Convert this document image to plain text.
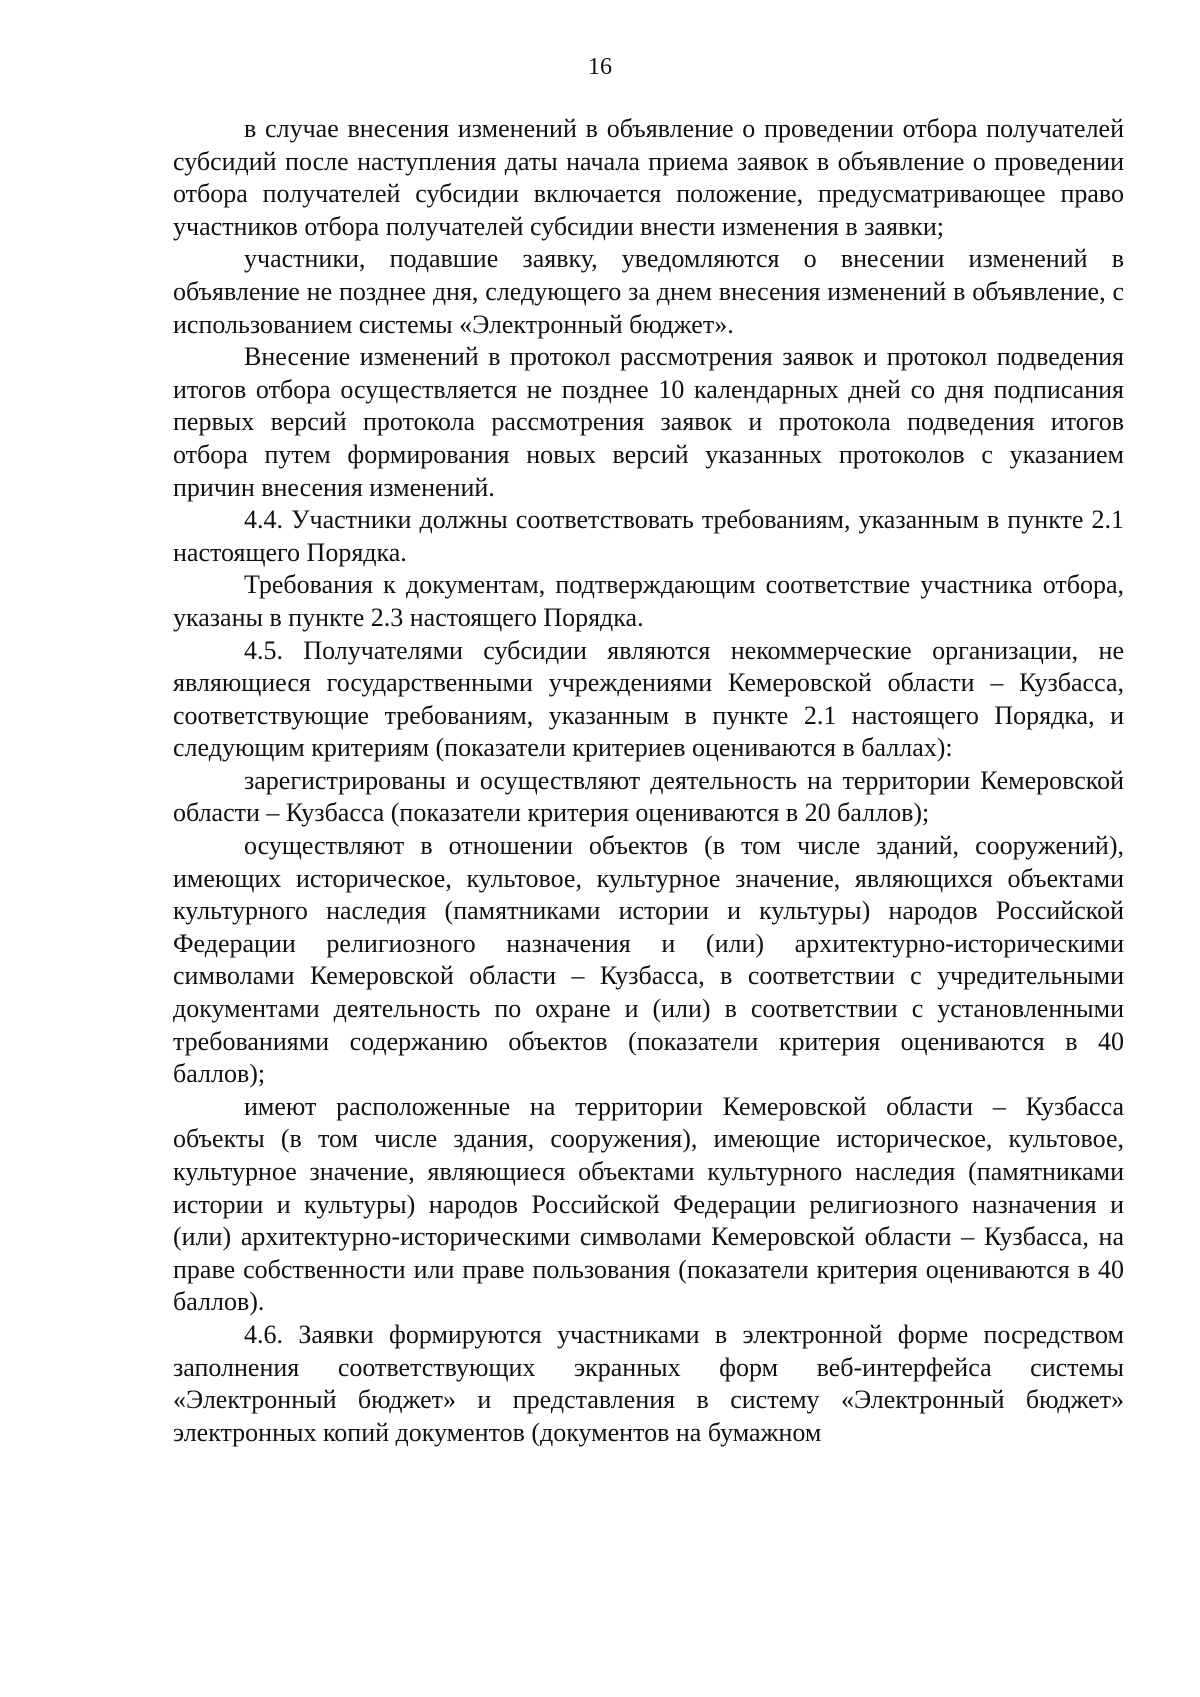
16

в случае внесения изменений в объявление о проведении отбора получателей субсидий после наступления даты начала приема заявок в объявление о проведении отбора получателей субсидии включается положение, предусматривающее право участников отбора получателей субсидии внести изменения в заявки;

участники, подавшие заявку, уведомляются о внесении изменений в объявление не позднее дня, следующего за днем внесения изменений в объявление, с использованием системы «Электронный бюджет».

Внесение изменений в протокол рассмотрения заявок и протокол подведения итогов отбора осуществляется не позднее 10 календарных дней со дня подписания первых версий протокола рассмотрения заявок и протокола подведения итогов отбора путем формирования новых версий указанных протоколов с указанием причин внесения изменений.

4.4. Участники должны соответствовать требованиям, указанным в пункте 2.1 настоящего Порядка.

Требования к документам, подтверждающим соответствие участника отбора, указаны в пункте 2.3 настоящего Порядка.

4.5. Получателями субсидии являются некоммерческие организации, не являющиеся государственными учреждениями Кемеровской области – Кузбасса, соответствующие требованиям, указанным в пункте 2.1 настоящего Порядка, и следующим критериям (показатели критериев оцениваются в баллах):

зарегистрированы и осуществляют деятельность на территории Кемеровской области – Кузбасса (показатели критерия оцениваются в 20 баллов);

осуществляют в отношении объектов (в том числе зданий, сооружений), имеющих историческое, культовое, культурное значение, являющихся объектами культурного наследия (памятниками истории и культуры) народов Российской Федерации религиозного назначения и (или) архитектурно-историческими символами Кемеровской области – Кузбасса, в соответствии с учредительными документами деятельность по охране и (или) в соответствии с установленными требованиями содержанию объектов (показатели критерия оцениваются в 40 баллов);

имеют расположенные на территории Кемеровской области – Кузбасса объекты (в том числе здания, сооружения), имеющие историческое, культовое, культурное значение, являющиеся объектами культурного наследия (памятниками истории и культуры) народов Российской Федерации религиозного назначения и (или) архитектурно-историческими символами Кемеровской области – Кузбасса, на праве собственности или праве пользования (показатели критерия оцениваются в 40 баллов).

4.6. Заявки формируются участниками в электронной форме посредством заполнения соответствующих экранных форм веб-интерфейса системы «Электронный бюджет» и представления в систему «Электронный бюджет» электронных копий документов (документов на бумажном
